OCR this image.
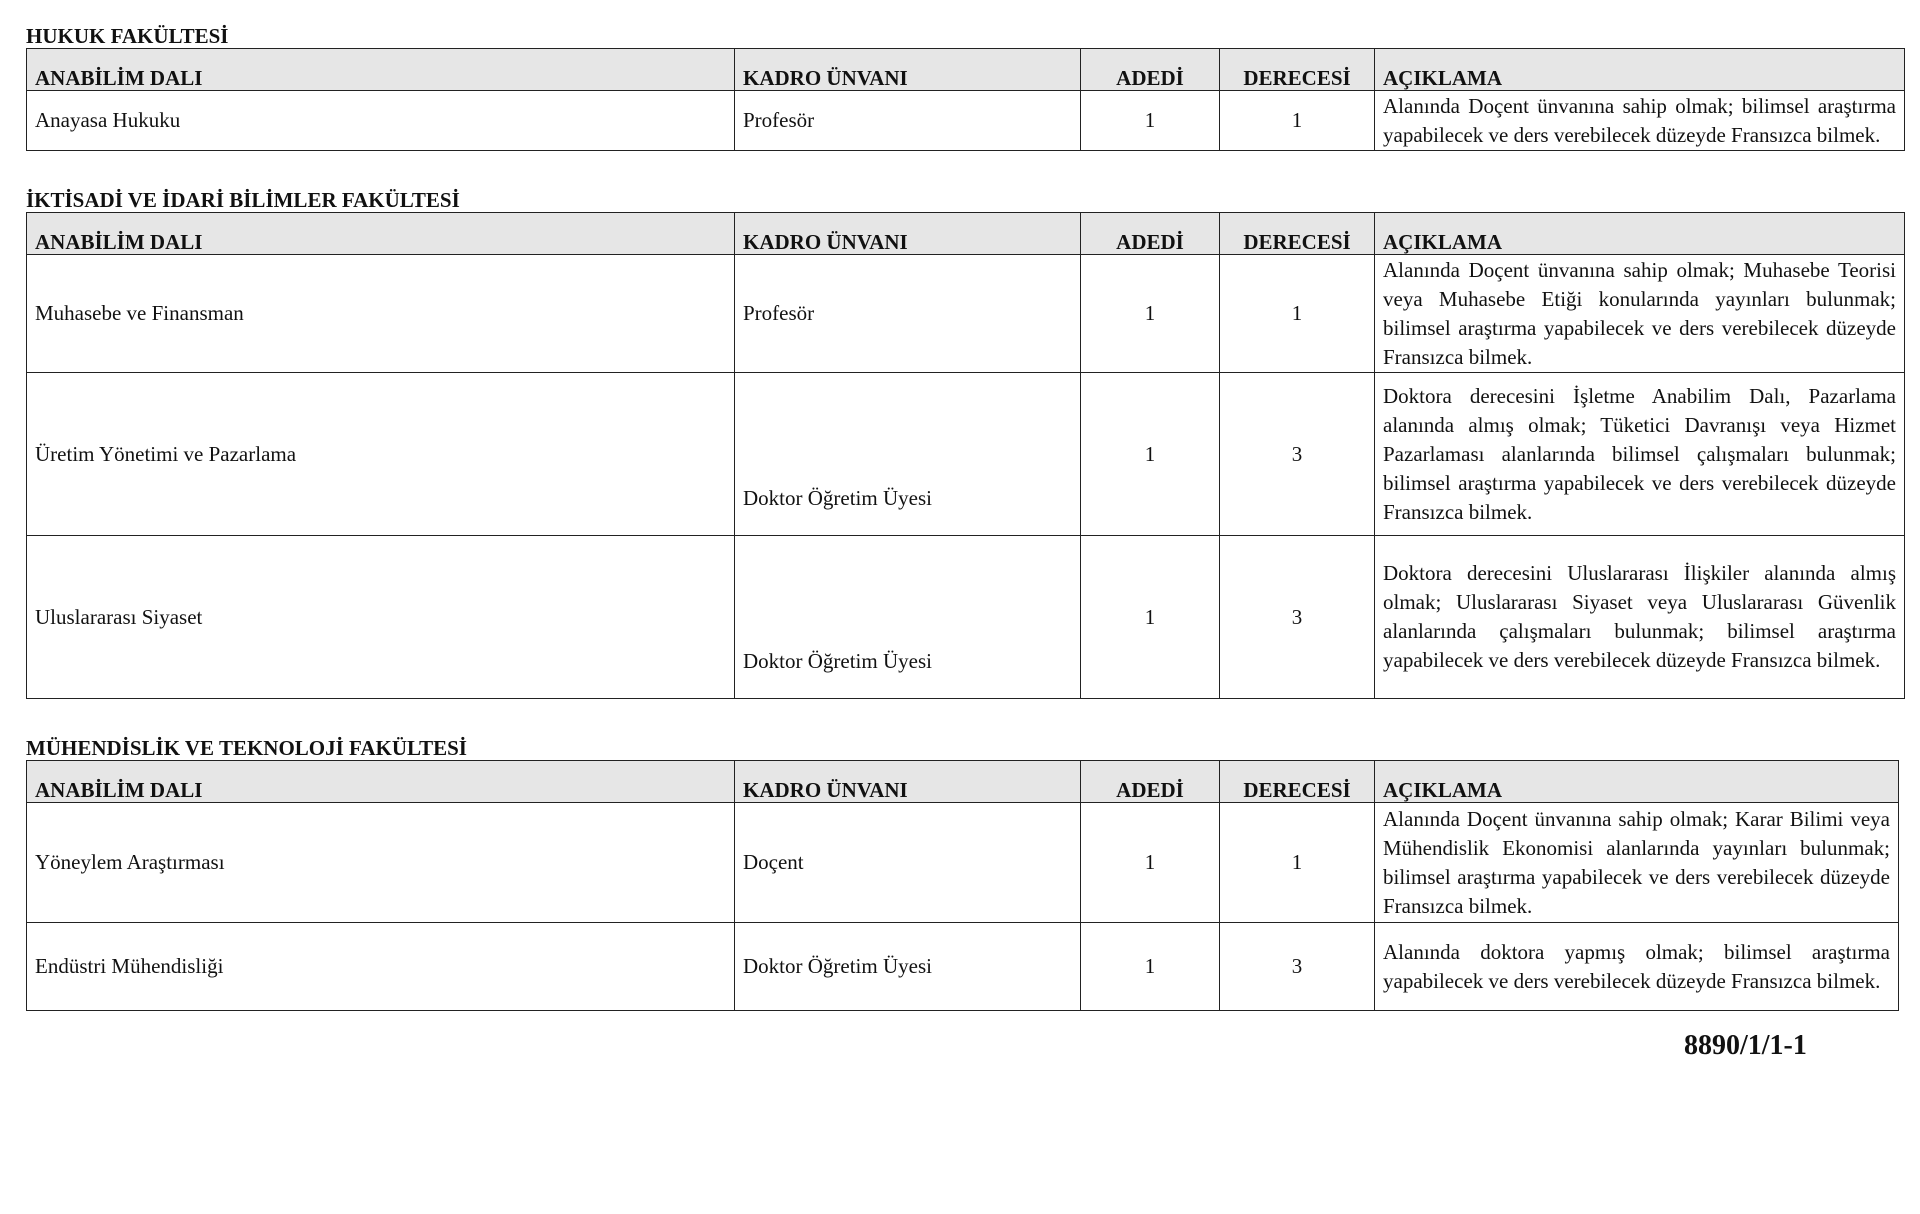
HUKUK FAKÜLTESİ
ANABİLİM DALI	KADRO ÜNVANI	ADEDİ	DERECESİ	AÇIKLAMA
Anayasa Hukuku	Profesör	1	1	Alanında Doçent ünvanına sahip olmak; bilimsel araştırma yapabilecek ve ders verebilecek düzeyde Fransızca bilmek.
İKTİSADİ VE İDARİ BİLİMLER FAKÜLTESİ
ANABİLİM DALI	KADRO ÜNVANI	ADEDİ	DERECESİ	AÇIKLAMA
Muhasebe ve Finansman	Profesör	1	1	Alanında Doçent ünvanına sahip olmak; Muhasebe Teorisi veya Muhasebe Etiği konularında yayınları bulunmak; bilimsel araştırma yapabilecek ve ders verebilecek düzeyde Fransızca bilmek.
Üretim Yönetimi ve Pazarlama	Doktor Öğretim Üyesi	1	3	Doktora derecesini İşletme Anabilim Dalı, Pazarlama alanında almış olmak; Tüketici Davranışı veya Hizmet Pazarlaması alanlarında bilimsel çalışmaları bulunmak; bilimsel araştırma yapabilecek ve ders verebilecek düzeyde Fransızca bilmek.
Uluslararası Siyaset	Doktor Öğretim Üyesi	1	3	Doktora derecesini Uluslararası İlişkiler alanında almış olmak; Uluslararası Siyaset veya Uluslararası Güvenlik alanlarında çalışmaları bulunmak; bilimsel araştırma yapabilecek ve ders verebilecek düzeyde Fransızca bilmek.
MÜHENDİSLİK VE TEKNOLOJİ FAKÜLTESİ
ANABİLİM DALI	KADRO ÜNVANI	ADEDİ	DERECESİ	AÇIKLAMA
Yöneylem Araştırması	Doçent	1	1	Alanında Doçent ünvanına sahip olmak; Karar Bilimi veya Mühendislik Ekonomisi alanlarında yayınları bulunmak; bilimsel araştırma yapabilecek ve ders verebilecek düzeyde Fransızca bilmek.
Endüstri Mühendisliği	Doktor Öğretim Üyesi	1	3	Alanında doktora yapmış olmak; bilimsel araştırma yapabilecek ve ders verebilecek düzeyde Fransızca bilmek.
8890/1/1-1
